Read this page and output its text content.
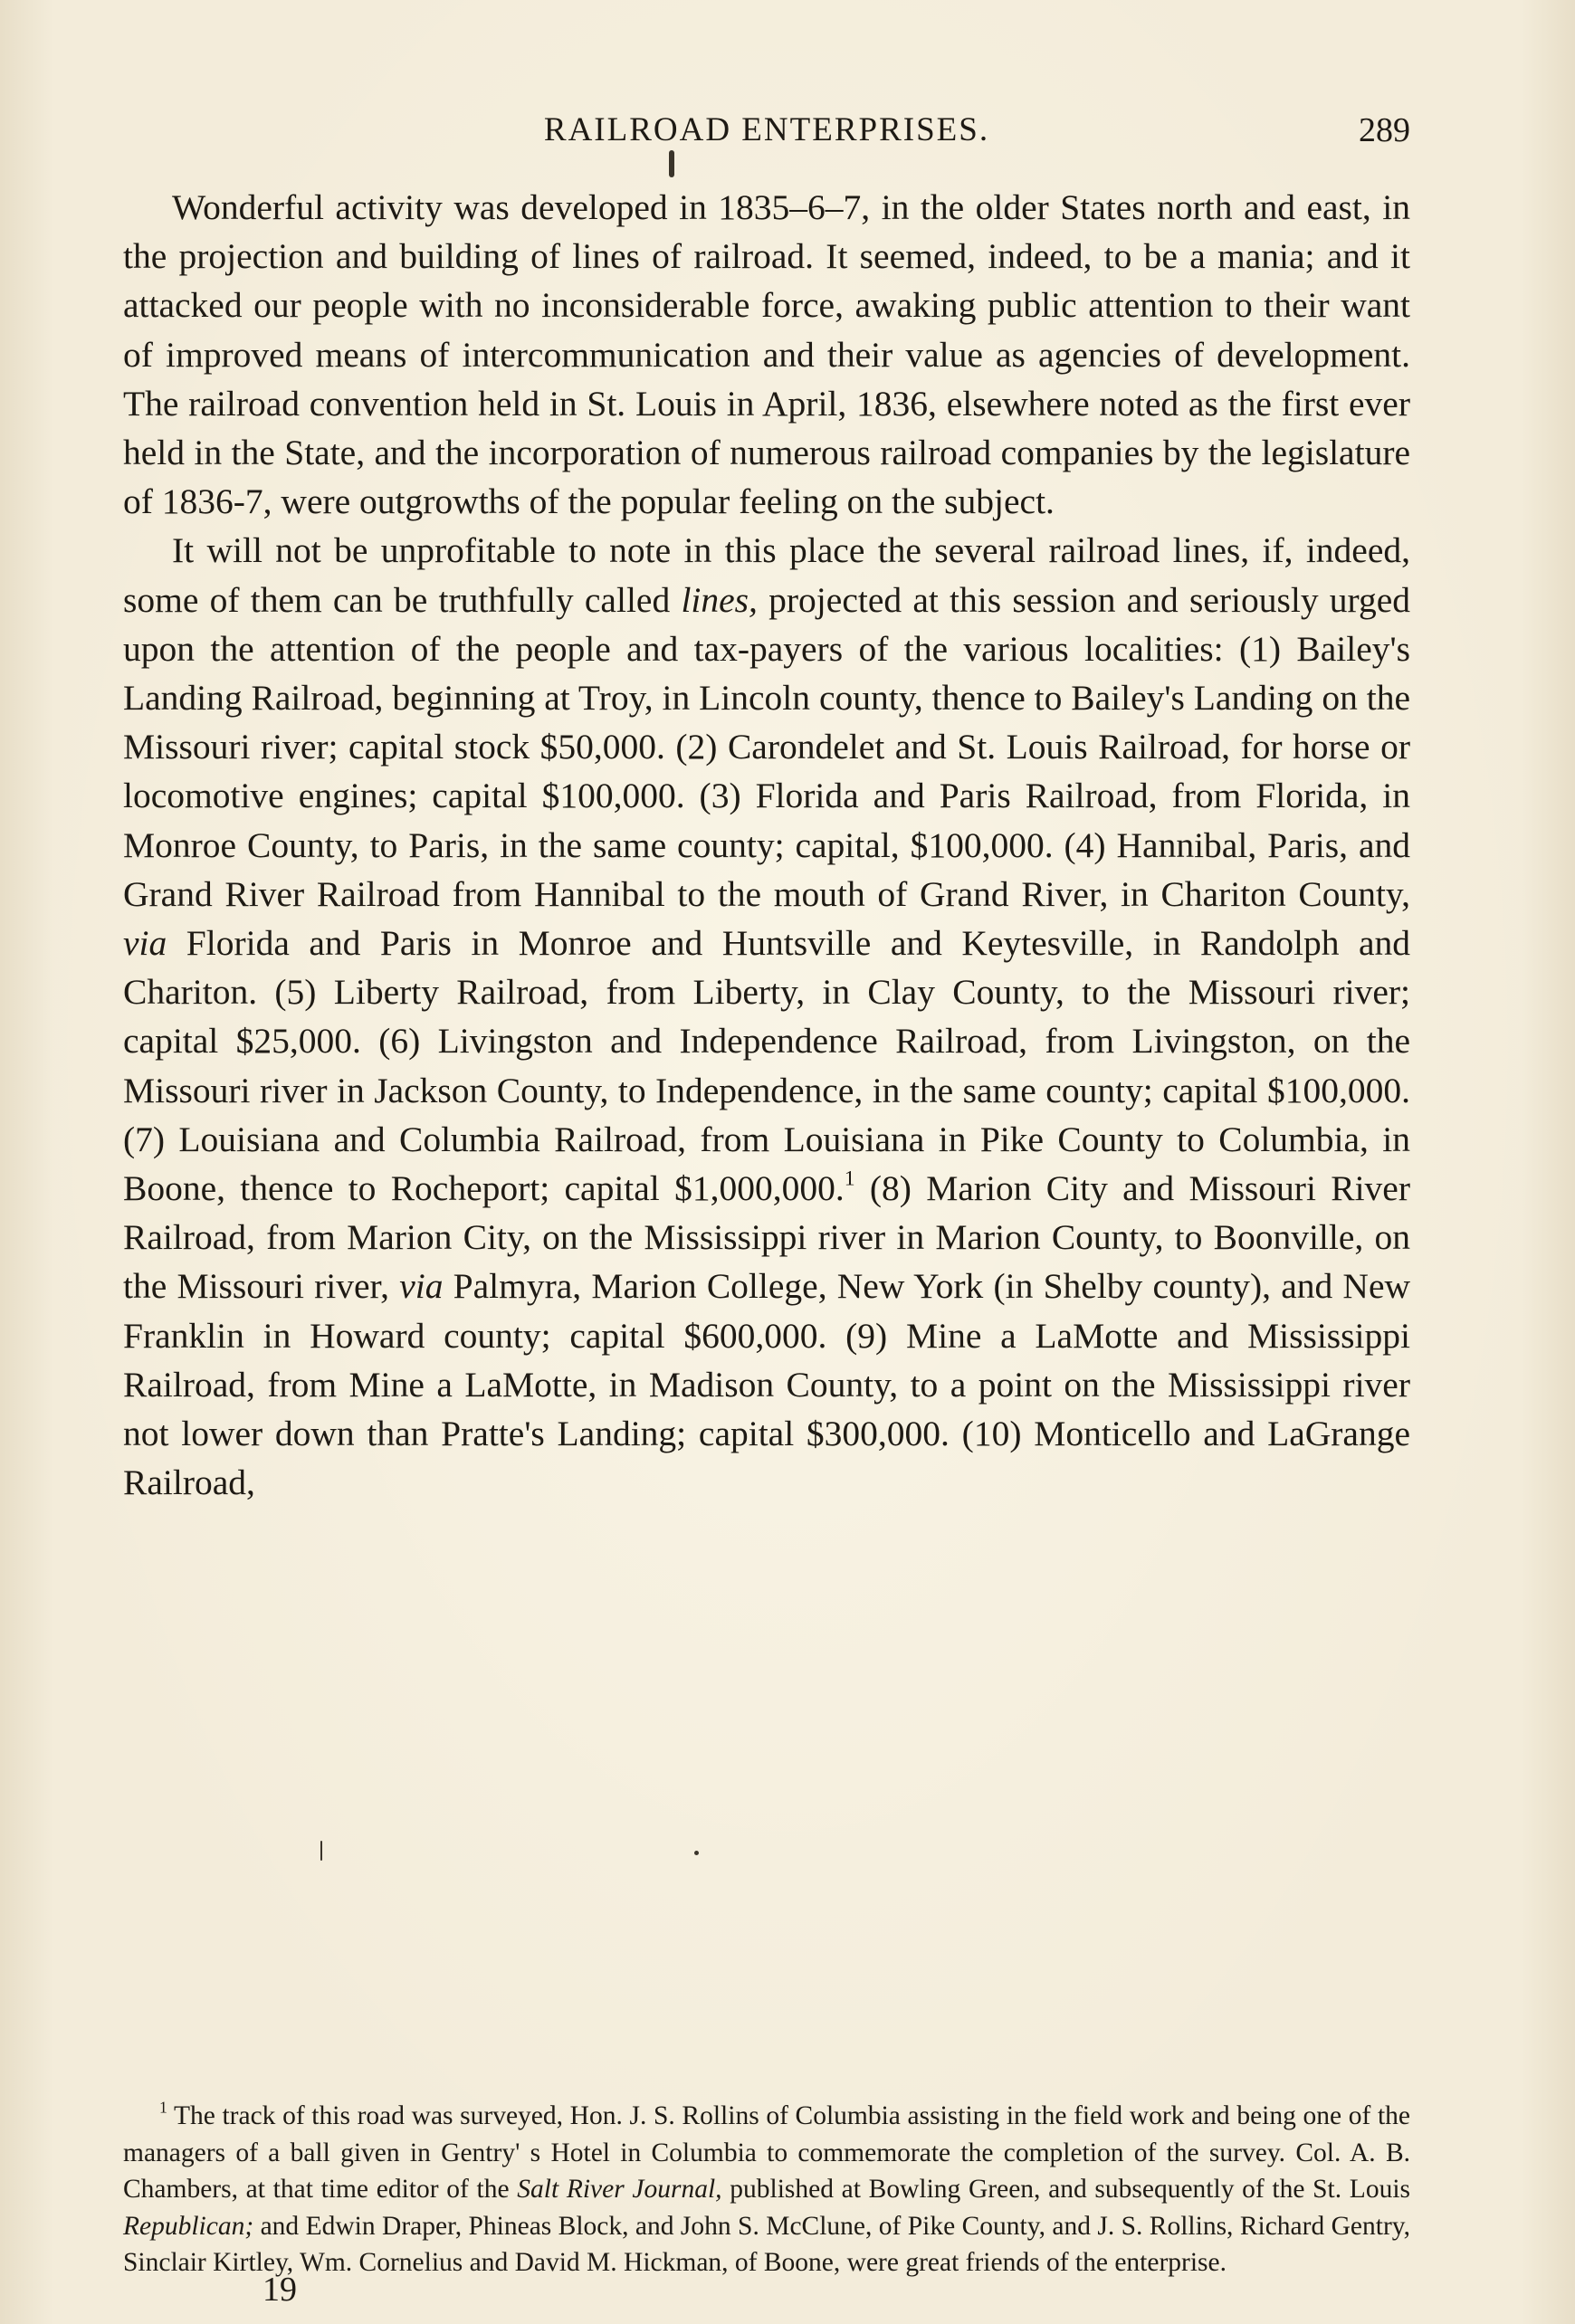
RAILROAD ENTERPRISES.	289

Wonderful activity was developed in 1835–6–7, in the older States north and east, in the projection and building of lines of railroad. It seemed, indeed, to be a mania; and it attacked our people with no inconsiderable force, awaking public attention to their want of improved means of intercommunication and their value as agencies of development. The railroad convention held in St. Louis in April, 1836, elsewhere noted as the first ever held in the State, and the incorporation of numerous railroad companies by the legislature of 1836-7, were outgrowths of the popular feeling on the subject.

It will not be unprofitable to note in this place the several railroad lines, if, indeed, some of them can be truthfully called lines, projected at this session and seriously urged upon the attention of the people and tax-payers of the various localities: (1) Bailey's Landing Railroad, beginning at Troy, in Lincoln county, thence to Bailey's Landing on the Missouri river; capital stock $50,000. (2) Carondelet and St. Louis Railroad, for horse or locomotive engines; capital $100,000. (3) Florida and Paris Railroad, from Florida, in Monroe County, to Paris, in the same county; capital, $100,000. (4) Hannibal, Paris, and Grand River Railroad from Hannibal to the mouth of Grand River, in Chariton County, via Florida and Paris in Monroe and Huntsville and Keytesville, in Randolph and Chariton. (5) Liberty Railroad, from Liberty, in Clay County, to the Missouri river; capital $25,000. (6) Livingston and Independence Railroad, from Livingston, on the Missouri river in Jackson County, to Independence, in the same county; capital $100,000. (7) Louisiana and Columbia Railroad, from Louisiana in Pike County to Columbia, in Boone, thence to Rocheport; capital $1,000,000.$^1$ (8) Marion City and Missouri River Railroad, from Marion City, on the Mississippi river in Marion County, to Boonville, on the Missouri river, via Palmyra, Marion College, New York (in Shelby county), and New Franklin in Howard county; capital $600,000. (9) Mine a LaMotte and Mississippi Railroad, from Mine a LaMotte, in Madison County, to a point on the Mississippi river not lower down than Pratte's Landing; capital $300,000. (10) Monticello and LaGrange Railroad,

$^1$ The track of this road was surveyed, Hon. J. S. Rollins of Columbia assisting in the field work and being one of the managers of a ball given in Gentry' s Hotel in Columbia to commemorate the completion of the survey. Col. A. B. Chambers, at that time editor of the Salt River Journal, published at Bowling Green, and subsequently of the St. Louis Republican; and Edwin Draper, Phineas Block, and John S. McClune, of Pike County, and J. S. Rollins, Richard Gentry, Sinclair Kirtley, Wm. Cornelius and David M. Hickman, of Boone, were great friends of the enterprise.

19
